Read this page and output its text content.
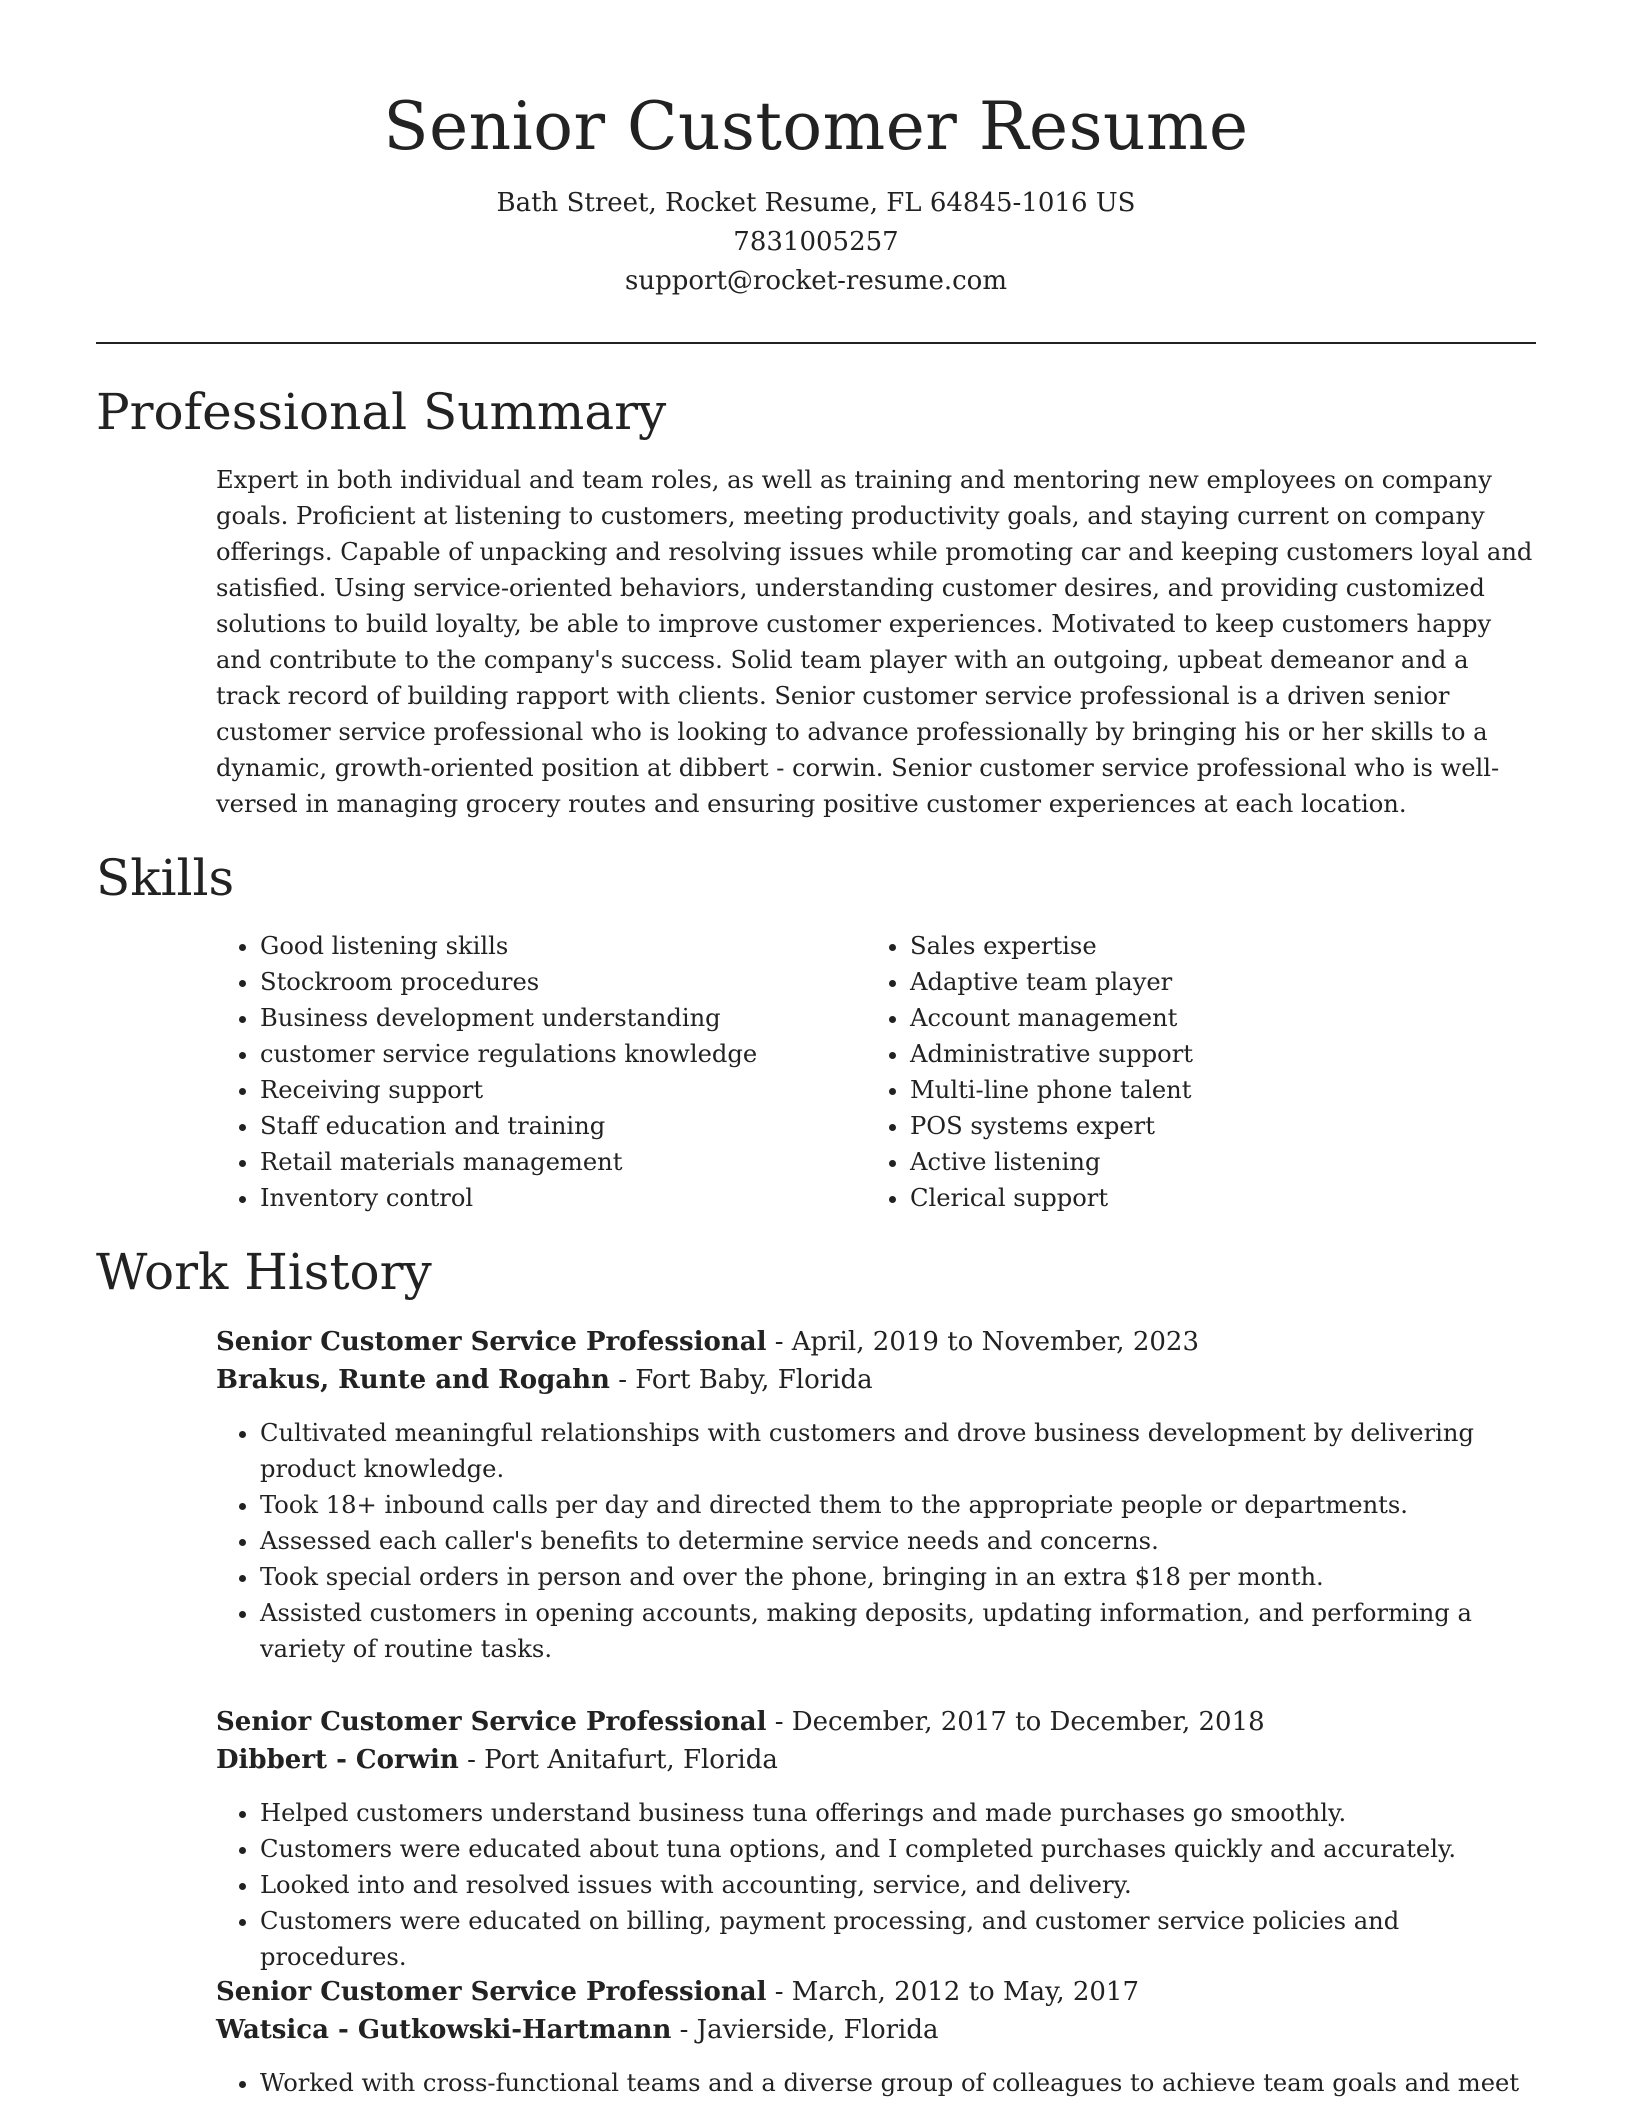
Senior Customer Resume
Bath Street, Rocket Resume, FL 64845-1016 US
7831005257
support@rocket-resume.com
Professional Summary

Expert in both individual and team roles, as well as training and mentoring new employees on company goals. Proficient at listening to customers, meeting productivity goals, and staying current on company offerings. Capable of unpacking and resolving issues while promoting car and keeping customers loyal and satisfied. Using service-oriented behaviors, understanding customer desires, and providing customized solutions to build loyalty, be able to improve customer experiences. Motivated to keep customers happy and contribute to the company's success. Solid team player with an outgoing, upbeat demeanor and a track record of building rapport with clients. Senior customer service professional is a driven senior customer service professional who is looking to advance professionally by bringing his or her skills to a dynamic, growth-oriented position at dibbert - corwin. Senior customer service professional who is well-versed in managing grocery routes and ensuring positive customer experiences at each location.

Skills
• Good listening skills
• Stockroom procedures
• Business development understanding
• customer service regulations knowledge
• Receiving support
• Staff education and training
• Retail materials management
• Inventory control
• Sales expertise
• Adaptive team player
• Account management
• Administrative support
• Multi-line phone talent
• POS systems expert
• Active listening
• Clerical support
Work History
Senior Customer Service Professional - April, 2019 to November, 2023
Brakus, Runte and Rogahn - Fort Baby, Florida
• Cultivated meaningful relationships with customers and drove business development by delivering product knowledge.
• Took 18+ inbound calls per day and directed them to the appropriate people or departments.
• Assessed each caller's benefits to determine service needs and concerns.
• Took special orders in person and over the phone, bringing in an extra $18 per month.
• Assisted customers in opening accounts, making deposits, updating information, and performing a variety of routine tasks.
Senior Customer Service Professional - December, 2017 to December, 2018
Dibbert - Corwin - Port Anitafurt, Florida
• Helped customers understand business tuna offerings and made purchases go smoothly.
• Customers were educated about tuna options, and I completed purchases quickly and accurately.
• Looked into and resolved issues with accounting, service, and delivery.
• Customers were educated on billing, payment processing, and customer service policies and procedures.
Senior Customer Service Professional - March, 2012 to May, 2017
Watsica - Gutkowski-Hartmann - Javierside, Florida
• Worked with cross-functional teams and a diverse group of colleagues to achieve team goals and meet
